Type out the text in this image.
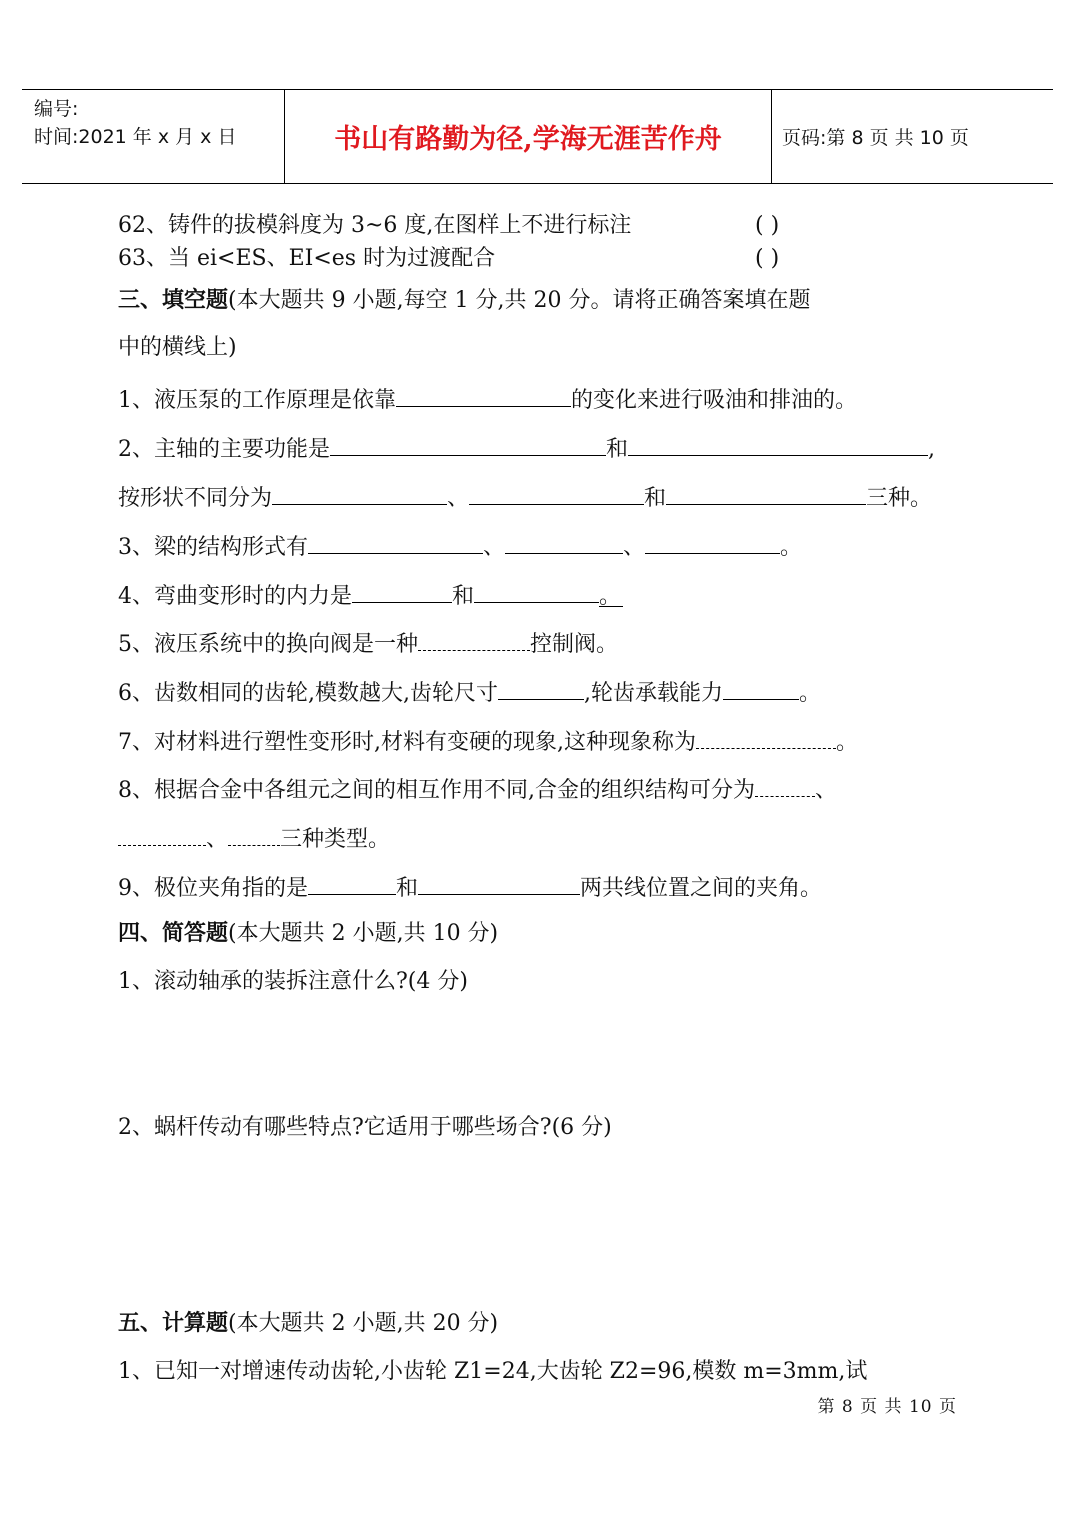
编号:
时间:2021 年 x 月 x 日	书山有路勤为径,学海无涯苦作舟	页码:第 8 页 共 10 页
62、铸件的拔模斜度为 3~6 度,在图样上不进行标注	( )
63、当 ei<ES、EI<es 时为过渡配合	( )
三、填空题(本大题共 9 小题,每空 1 分,共 20 分。请将正确答案填在题
中的横线上)
1、液压泵的工作原理是依靠	的变化来进行吸油和排油的。
2、主轴的主要功能是	和	,
按形状不同分为	、	和	三种。
3、梁的结构形式有	、	、	。
4、弯曲变形时的内力是	和	。
5、液压系统中的换向阀是一种	控制阀。
6、齿数相同的齿轮,模数越大,齿轮尺寸	,轮齿承载能力	。
7、对材料进行塑性变形时,材料有变硬的现象,这种现象称为	。
8、根据合金中各组元之间的相互作用不同,合金的组织结构可分为	、
、 三种类型。
9、极位夹角指的是	和	两共线位置之间的夹角。
四、简答题(本大题共 2 小题,共 10 分)
1、滚动轴承的装拆注意什么?(4 分)
2、蜗杆传动有哪些特点?它适用于哪些场合?(6 分)
五、计算题(本大题共 2 小题,共 20 分)
1、已知一对增速传动齿轮,小齿轮 Z1=24,大齿轮 Z2=96,模数 m=3mm,试
第 8 页 共 10 页
